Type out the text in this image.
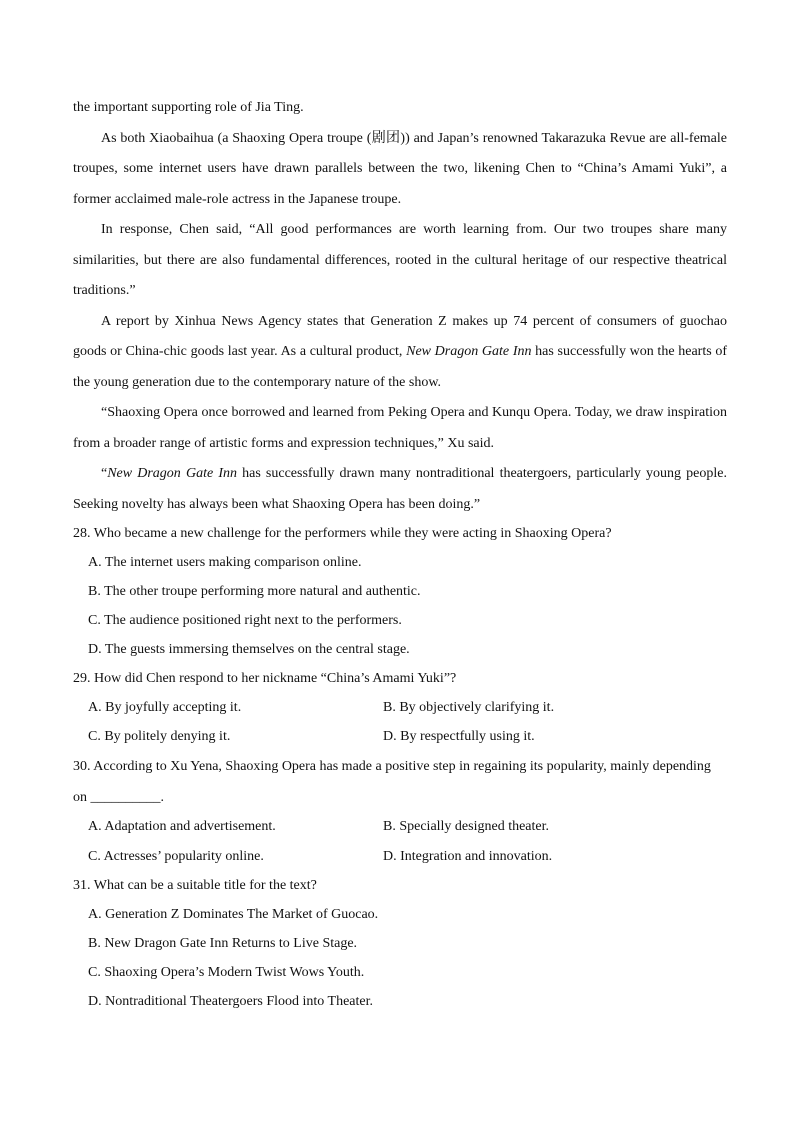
the important supporting role of Jia Ting.

As both Xiaobaihua (a Shaoxing Opera troupe (剧团)) and Japan’s renowned Takarazuka Revue are all-female troupes, some internet users have drawn parallels between the two, likening Chen to “China’s Amami Yuki”, a former acclaimed male-role actress in the Japanese troupe.

In response, Chen said, “All good performances are worth learning from. Our two troupes share many similarities, but there are also fundamental differences, rooted in the cultural heritage of our respective theatrical traditions.”

A report by Xinhua News Agency states that Generation Z makes up 74 percent of consumers of guochao goods or China-chic goods last year. As a cultural product, New Dragon Gate Inn has successfully won the hearts of the young generation due to the contemporary nature of the show.

“Shaoxing Opera once borrowed and learned from Peking Opera and Kunqu Opera. Today, we draw inspiration from a broader range of artistic forms and expression techniques,” Xu said.

“New Dragon Gate Inn has successfully drawn many nontraditional theatergoers, particularly young people. Seeking novelty has always been what Shaoxing Opera has been doing.”

28. Who became a new challenge for the performers while they were acting in Shaoxing Opera?
A. The internet users making comparison online.
B. The other troupe performing more natural and authentic.
C. The audience positioned right next to the performers.
D. The guests immersing themselves on the central stage.
29. How did Chen respond to her nickname “China’s Amami Yuki”?
A. By joyfully accepting it.	B. By objectively clarifying it.
C. By politely denying it.	D. By respectfully using it.
30. According to Xu Yena, Shaoxing Opera has made a positive step in regaining its popularity, mainly depending
on __________.
A. Adaptation and advertisement.	B. Specially designed theater.
C. Actresses’ popularity online.	D. Integration and innovation.
31. What can be a suitable title for the text?
A. Generation Z Dominates The Market of Guocao.
B. New Dragon Gate Inn Returns to Live Stage.
C. Shaoxing Opera’s Modern Twist Wows Youth.
D. Nontraditional Theatergoers Flood into Theater.
